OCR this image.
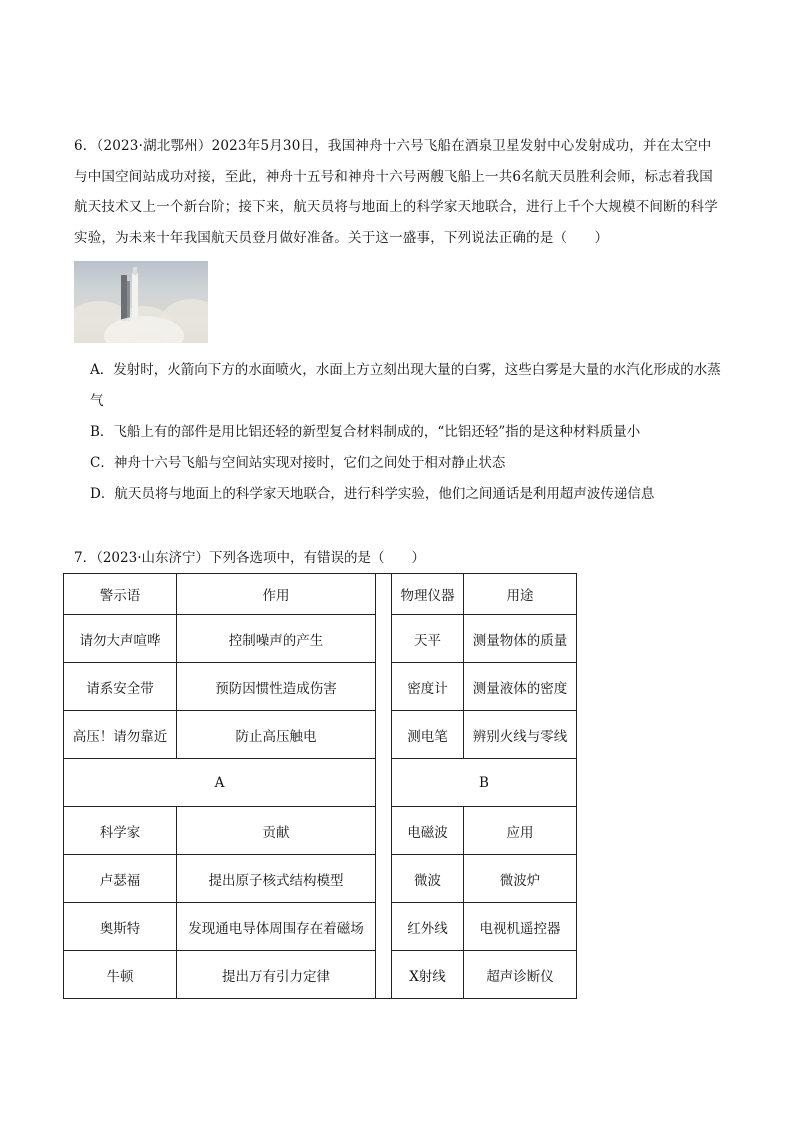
6．（2023·湖北鄂州）2023年5月30日，我国神舟十六号飞船在酒泉卫星发射中心发射成功，并在太空中与中国空间站成功对接，至此，神舟十五号和神舟十六号两艘飞船上一共6名航天员胜利会师，标志着我国航天技术又上一个新台阶；接下来，航天员将与地面上的科学家天地联合，进行上千个大规模不间断的科学实验，为未来十年我国航天员登月做好准备。关于这一盛事，下列说法正确的是（　　）
A．发射时，火箭向下方的水面喷火，水面上方立刻出现大量的白雾，这些白雾是大量的水汽化形成的水蒸气
B．飞船上有的部件是用比铝还轻的新型复合材料制成的，“比铝还轻”指的是这种材料质量小
C．神舟十六号飞船与空间站实现对接时，它们之间处于相对静止状态
D．航天员将与地面上的科学家天地联合，进行科学实验，他们之间通话是利用超声波传递信息
7．（2023·山东济宁）下列各选项中，有错误的是（　　）
警示语	作用		物理仪器	用途
请勿大声喧哗	控制噪声的产生		天平	测量物体的质量
请系安全带	预防因惯性造成伤害		密度计	测量液体的密度
高压！请勿靠近	防止高压触电		测电笔	辨别火线与零线
A			B	
科学家	贡献		电磁波	应用
卢瑟福	提出原子核式结构模型		微波	微波炉
奥斯特	发现通电导体周围存在着磁场		红外线	电视机遥控器
牛顿	提出万有引力定律		X射线	超声诊断仪
